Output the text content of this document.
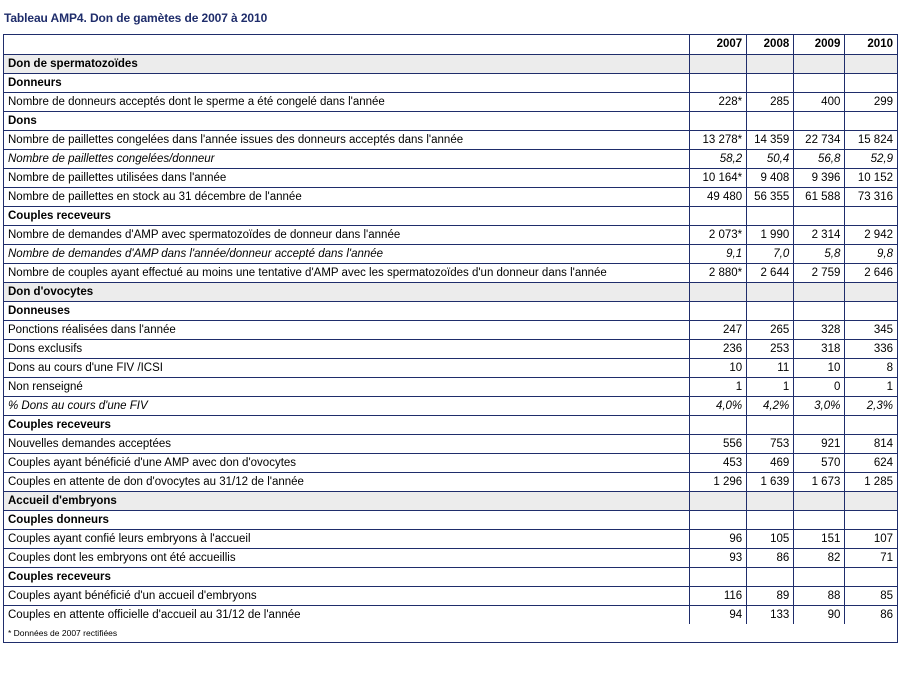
Tableau AMP4. Don de gamètes de 2007 à 2010
	2007	2008	2009	2010
Don de spermatozoïdes				
Donneurs				
Nombre de donneurs acceptés dont le sperme a été congelé dans l'année	228*	285	400	299
Dons				
Nombre de paillettes congelées dans l'année issues des donneurs acceptés dans l'année	13 278*	14 359	22 734	15 824
Nombre de paillettes congelées/donneur	58,2	50,4	56,8	52,9
Nombre de paillettes utilisées dans l'année	10 164*	9 408	9 396	10 152
Nombre de paillettes en stock au 31 décembre de l'année	49 480	56 355	61 588	73 316
Couples receveurs				
Nombre de demandes d'AMP avec spermatozoïdes de donneur dans l'année	2 073*	1 990	2 314	2 942
Nombre de demandes d'AMP dans l'année/donneur accepté dans l'année	9,1	7,0	5,8	9,8
Nombre de couples ayant effectué au moins une tentative d'AMP avec les spermatozoïdes d'un donneur dans l'année	2 880*	2 644	2 759	2 646
Don d'ovocytes				
Donneuses				
Ponctions réalisées dans l'année	247	265	328	345
Dons exclusifs	236	253	318	336
Dons au cours d'une FIV /ICSI	10	11	10	8
Non renseigné	1	1	0	1
% Dons au cours d'une FIV	4,0%	4,2%	3,0%	2,3%
Couples receveurs				
Nouvelles demandes acceptées	556	753	921	814
Couples ayant bénéficié d'une AMP avec don d'ovocytes	453	469	570	624
Couples en attente de don d'ovocytes au 31/12 de l'année	1 296	1 639	1 673	1 285
Accueil d'embryons				
Couples donneurs				
Couples ayant confié leurs embryons à l'accueil	96	105	151	107
Couples dont les embryons ont été accueillis	93	86	82	71
Couples receveurs				
Couples ayant bénéficié d'un accueil d'embryons	116	89	88	85
Couples en attente officielle d'accueil au 31/12 de l'année	94	133	90	86
* Données de 2007 rectifiées				
